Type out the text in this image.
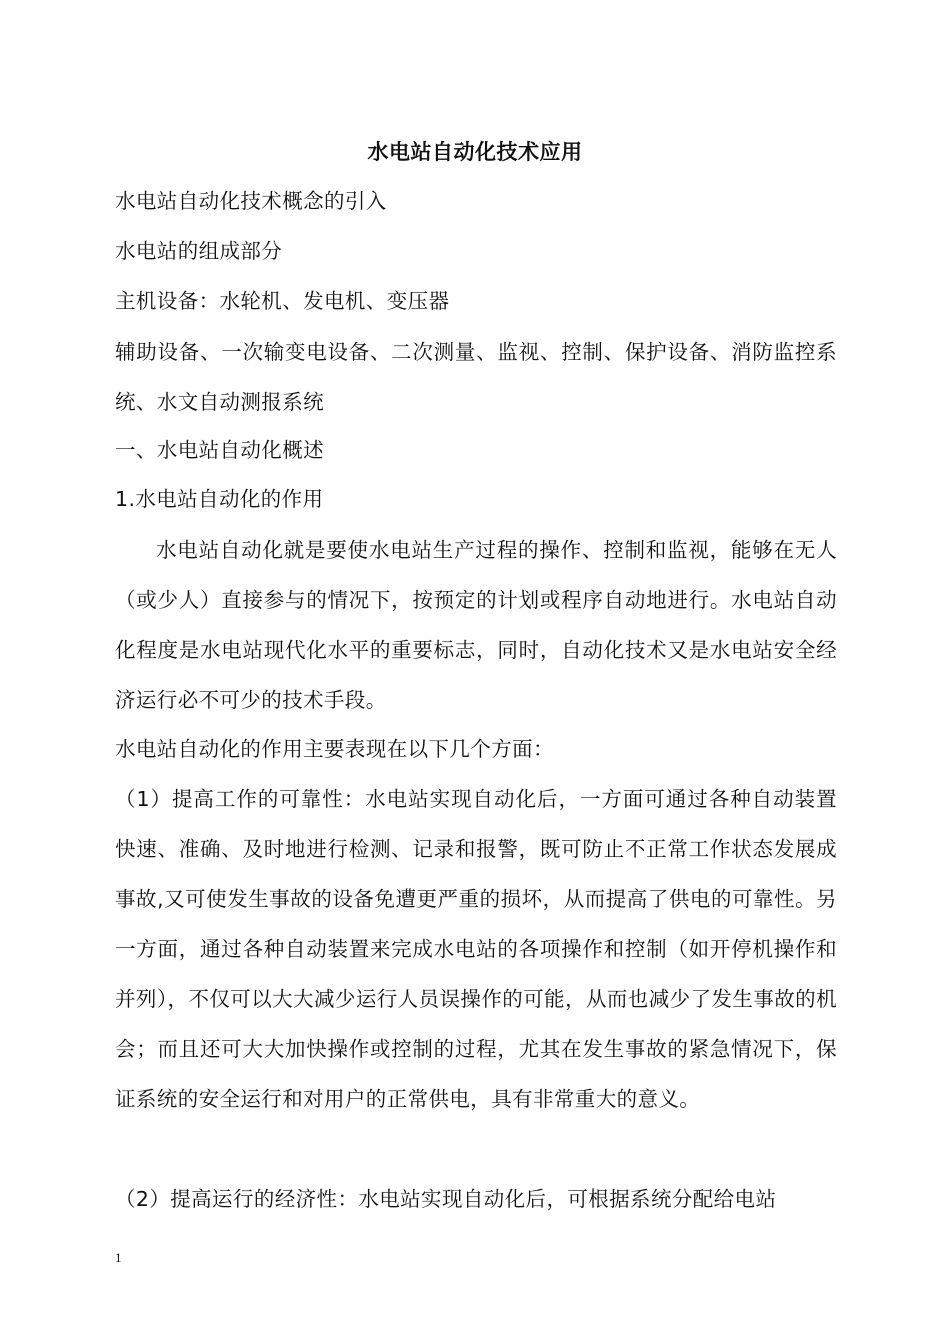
水电站自动化技术应用
水电站自动化技术概念的引入
水电站的组成部分
主机设备：水轮机、发电机、变压器

辅助设备、一次输变电设备、二次测量、监视、控制、保护设备、消防监控系统、水文自动测报系统

一、水电站自动化概述
1.水电站自动化的作用

水电站自动化就是要使水电站生产过程的操作、控制和监视，能够在无人（或少人）直接参与的情况下，按预定的计划或程序自动地进行。水电站自动化程度是水电站现代化水平的重要标志，同时，自动化技术又是水电站安全经济运行必不可少的技术手段。

水电站自动化的作用主要表现在以下几个方面：

（1）提高工作的可靠性：水电站实现自动化后，一方面可通过各种自动装置快速、准确、及时地进行检测、记录和报警，既可防止不正常工作状态发展成事故,又可使发生事故的设备免遭更严重的损坏，从而提高了供电的可靠性。另一方面，通过各种自动装置来完成水电站的各项操作和控制（如开停机操作和并列），不仅可以大大减少运行人员误操作的可能，从而也减少了发生事故的机会；而且还可大大加快操作或控制的过程，尤其在发生事故的紧急情况下，保证系统的安全运行和对用户的正常供电，具有非常重大的意义。

（2）提高运行的经济性：水电站实现自动化后，可根据系统分配给电站

1
